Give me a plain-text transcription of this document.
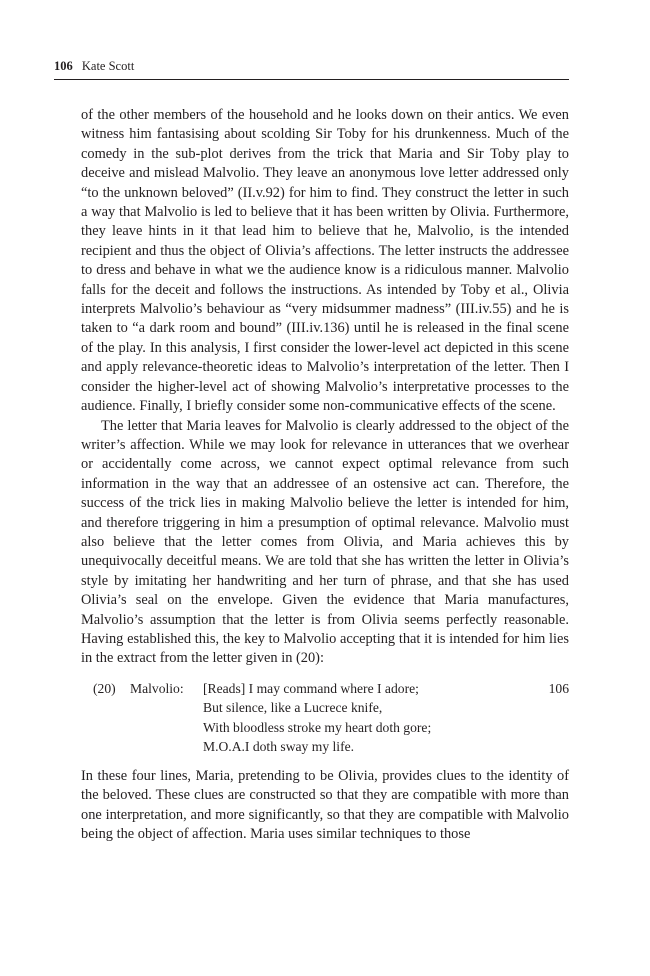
106 Kate Scott

of the other members of the household and he looks down on their antics. We even witness him fantasising about scolding Sir Toby for his drunkenness. Much of the comedy in the sub-plot derives from the trick that Maria and Sir Toby play to deceive and mislead Malvolio. They leave an anonymous love letter addressed only “to the unknown beloved” (II.v.92) for him to find. They construct the letter in such a way that Malvolio is led to believe that it has been written by Olivia. Furthermore, they leave hints in it that lead him to believe that he, Malvolio, is the intended recipient and thus the object of Olivia’s affections. The letter instructs the addressee to dress and behave in what we the audience know is a ridiculous manner. Malvolio falls for the deceit and follows the instructions. As intended by Toby et al., Olivia interprets Malvolio’s behaviour as “very midsummer madness” (III.iv.55) and he is taken to “a dark room and bound” (III.iv.136) until he is released in the final scene of the play. In this analysis, I first consider the lower-level act depicted in this scene and apply relevance-theoretic ideas to Malvolio’s interpretation of the letter. Then I consider the higher-level act of showing Malvolio’s interpretative processes to the audience. Finally, I briefly consider some non-communicative effects of the scene.

The letter that Maria leaves for Malvolio is clearly addressed to the object of the writer’s affection. While we may look for relevance in utterances that we overhear or accidentally come across, we cannot expect optimal relevance from such information in the way that an addressee of an ostensive act can. Therefore, the success of the trick lies in making Malvolio believe the letter is intended for him, and therefore triggering in him a presumption of optimal relevance. Malvolio must also believe that the letter comes from Olivia, and Maria achieves this by unequivocally deceitful means. We are told that she has written the letter in Olivia’s style by imitating her handwriting and her turn of phrase, and that she has used Olivia’s seal on the envelope. Given the evidence that Maria manufactures, Malvolio’s assumption that the letter is from Olivia seems perfectly reasonable. Having established this, the key to Malvolio accepting that it is intended for him lies in the extract from the letter given in (20):

(20) Malvolio: [Reads] I may command where I adore;
But silence, like a Lucrece knife,
With bloodless stroke my heart doth gore;
M.O.A.I doth sway my life.
106

In these four lines, Maria, pretending to be Olivia, provides clues to the identity of the beloved. These clues are constructed so that they are compatible with more than one interpretation, and more significantly, so that they are compatible with Malvolio being the object of affection. Maria uses similar techniques to those
